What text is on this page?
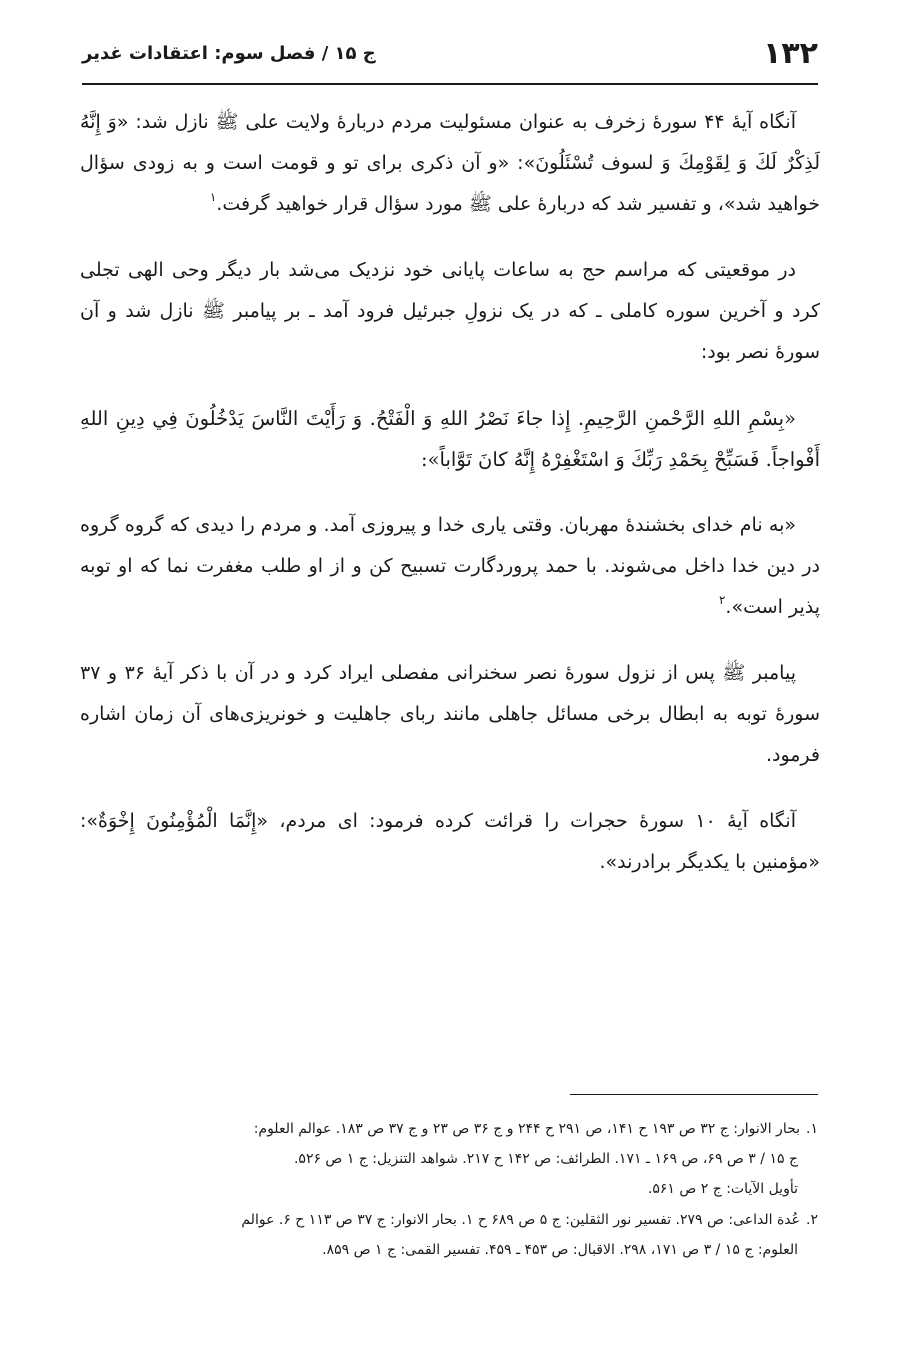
۱۳۲
ج ۱۵ / فصل سوم: اعتقادات غدیر

آنگاه آیهٔ ۴۴ سورهٔ زخرف به عنوان مسئولیت مردم دربارهٔ ولایت علی ﷺ نازل شد: «وَ إِنَّهُ لَذِكْرٌ لَكَ وَ لِقَوْمِكَ وَ لسوف تُسْئَلُونَ»: «و آن ذکری برای تو و قومت است و به زودی سؤال خواهید شد»، و تفسیر شد که دربارهٔ علی ﷺ مورد سؤال قرار خواهید گرفت.$^۱$

در موقعیتی که مراسم حج به ساعات پایانی خود نزدیک می‌شد بار دیگر وحی الهی تجلی کرد و آخرین سوره کاملی ـ که در یک نزولِ جبرئیل فرود آمد ـ بر پیامبر ﷺ نازل شد و آن سورهٔ نصر بود:

«بِسْمِ اللهِ الرَّحْمنِ الرَّحِيمِ. إِذا جاءَ نَصْرُ اللهِ وَ الْفَتْحُ. وَ رَأَيْتَ النَّاسَ يَدْخُلُونَ فِي دِينِ اللهِ أَفْواجاً. فَسَبِّحْ بِحَمْدِ رَبِّكَ وَ اسْتَغْفِرْهُ إِنَّهُ كانَ تَوَّاباً»:

«به نام خدای بخشندهٔ مهربان. وقتی یاری خدا و پیروزی آمد. و مردم را دیدی که گروه گروه در دین خدا داخل می‌شوند. با حمد پروردگارت تسبیح کن و از او طلب مغفرت نما که او توبه پذیر است».$^۲$

پیامبر ﷺ پس از نزول سورهٔ نصر سخنرانی مفصلی ایراد کرد و در آن با ذکر آیهٔ ۳۶ و ۳۷ سورهٔ توبه به ابطال برخی مسائل جاهلی مانند ربای جاهلیت و خونریزی‌های آن زمان اشاره فرمود.

آنگاه آیهٔ ۱۰ سورهٔ حجرات را قرائت کرده فرمود: ای مردم، «إِنَّمَا الْمُؤْمِنُونَ إِخْوَةٌ»: «مؤمنین با یکدیگر برادرند».

۱.بحار الانوار: ج ۳۲ ص ۱۹۳ ح ۱۴۱، ص ۲۹۱ ح ۲۴۴ و ج ۳۶ ص ۲۳ و ج ۳۷ ص ۱۸۳. عوالم العلوم:
ج ۱۵ / ۳ ص ۶۹، ص ۱۶۹ ـ ۱۷۱. الطرائف: ص ۱۴۲ ح ۲۱۷. شواهد التنزیل: ج ۱ ص ۵۲۶.
تأویل الآیات: ج ۲ ص ۵۶۱.

۲.عُدة الداعی: ص ۲۷۹. تفسیر نور الثقلین: ج ۵ ص ۶۸۹ ح ۱. بحار الانوار: ج ۳۷ ص ۱۱۳ ح ۶. عوالم
العلوم: ج ۱۵ / ۳ ص ۱۷۱، ۲۹۸. الاقبال: ص ۴۵۳ ـ ۴۵۹. تفسیر القمی: ج ۱ ص ۸۵۹.
